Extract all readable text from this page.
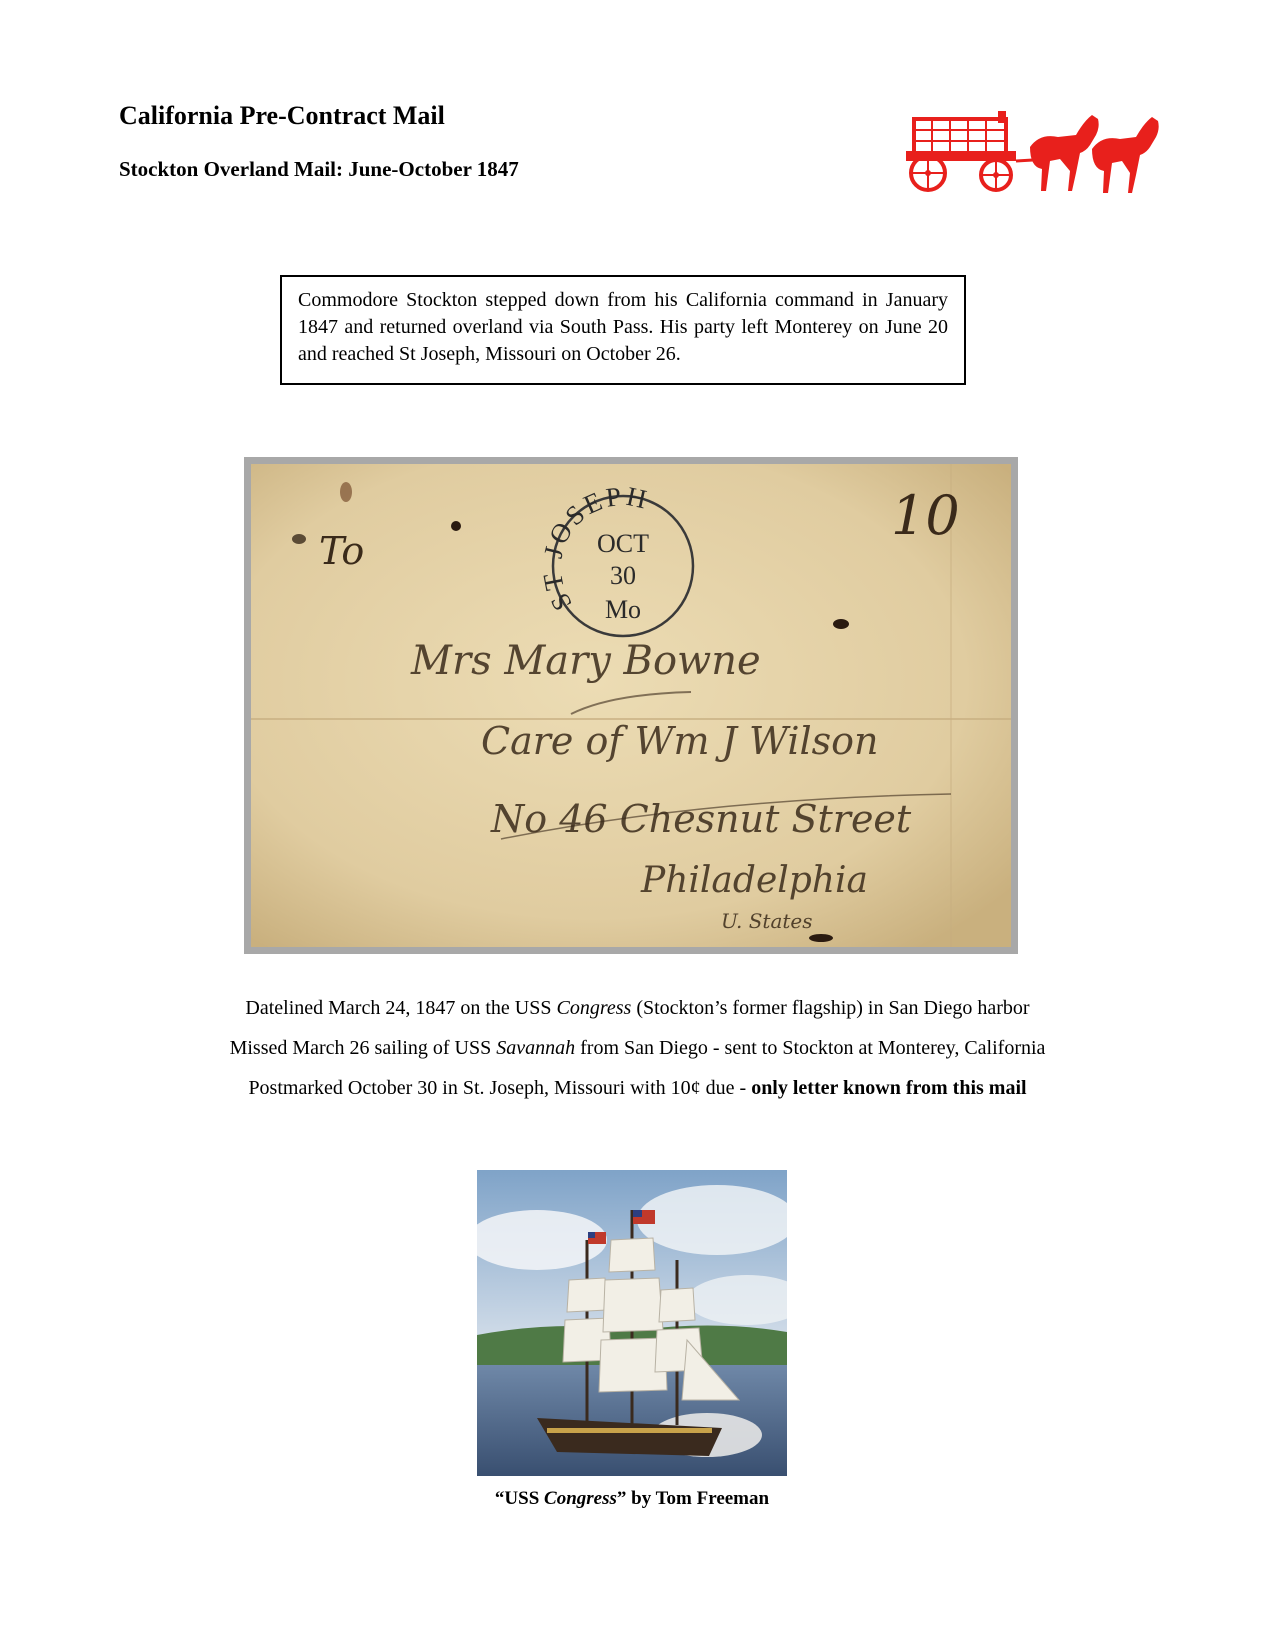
California Pre-Contract Mail
Stockton Overland Mail: June-October 1847
Commodore Stockton stepped down from his California command in January 1847 and returned overland via South Pass. His party left Monterey on June 20 and reached St Joseph, Missouri on October 26.
ST JOSEPH
OCT
30
Mo
10
To
Mrs Mary Bowne
Care of Wm J Wilson
No 46 Chesnut Street
Philadelphia
U. States

Datelined March 24, 1847 on the USS Congress (Stockton’s former flagship) in San Diego harbor

Missed March 26 sailing of USS Savannah from San Diego - sent to Stockton at Monterey, California

Postmarked October 30 in St. Joseph, Missouri with 10¢ due - only letter known from this mail

“USS Congress” by Tom Freeman
